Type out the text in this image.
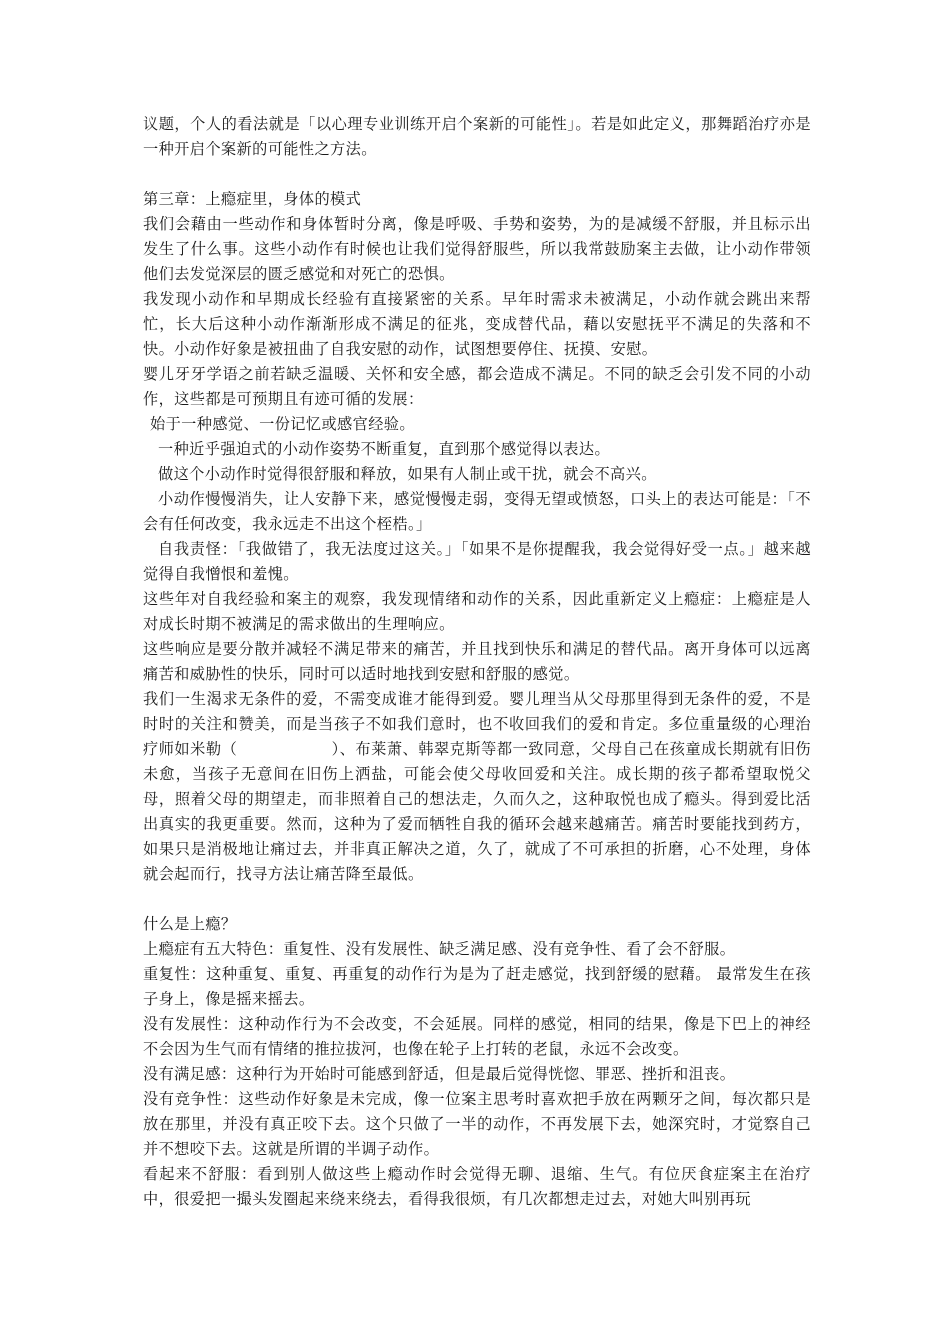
议题，个人的看法就是「以心理专业训练开启个案新的可能性」。若是如此定义，那舞蹈治疗亦是一种开启个案新的可能性之方法。

第三章：上瘾症里，身体的模式

我们会藉由一些动作和身体暂时分离，像是呼吸、手势和姿势，为的是减缓不舒服，并且标示出发生了什么事。这些小动作有时候也让我们觉得舒服些，所以我常鼓励案主去做，让小动作带领他们去发觉深层的匮乏感觉和对死亡的恐惧。

我发现小动作和早期成长经验有直接紧密的关系。早年时需求未被满足，小动作就会跳出来帮忙，长大后这种小动作渐渐形成不满足的征兆，变成替代品，藉以安慰抚平不满足的失落和不快。小动作好象是被扭曲了自我安慰的动作，试图想要停住、抚摸、安慰。

婴儿牙牙学语之前若缺乏温暖、关怀和安全感，都会造成不满足。不同的缺乏会引发不同的小动作，这些都是可预期且有迹可循的发展：

始于一种感觉、一份记忆或感官经验。

一种近乎强迫式的小动作姿势不断重复，直到那个感觉得以表达。

做这个小动作时觉得很舒服和释放，如果有人制止或干扰，就会不高兴。

小动作慢慢消失，让人安静下来，感觉慢慢走弱，变得无望或愤怒，口头上的表达可能是：「不会有任何改变，我永远走不出这个桎梏。」

自我责怪：「我做错了，我无法度过这关。」「如果不是你提醒我，我会觉得好受一点。」越来越觉得自我憎恨和羞愧。

这些年对自我经验和案主的观察，我发现情绪和动作的关系，因此重新定义上瘾症：上瘾症是人对成长时期不被满足的需求做出的生理响应。

这些响应是要分散并减轻不满足带来的痛苦，并且找到快乐和满足的替代品。离开身体可以远离痛苦和威胁性的快乐，同时可以适时地找到安慰和舒服的感觉。

我们一生渴求无条件的爱，不需变成谁才能得到爱。婴儿理当从父母那里得到无条件的爱，不是时时的关注和赞美，而是当孩子不如我们意时，也不收回我们的爱和肯定。多位重量级的心理治疗师如米勒（　　　　　　）、布莱萧、韩翠克斯等都一致同意，父母自己在孩童成长期就有旧伤未愈，当孩子无意间在旧伤上洒盐，可能会使父母收回爱和关注。成长期的孩子都希望取悦父母，照着父母的期望走，而非照着自己的想法走，久而久之，这种取悦也成了瘾头。得到爱比活出真实的我更重要。然而，这种为了爱而牺牲自我的循环会越来越痛苦。痛苦时要能找到药方，如果只是消极地让痛过去，并非真正解决之道，久了，就成了不可承担的折磨，心不处理，身体就会起而行，找寻方法让痛苦降至最低。

什么是上瘾？

上瘾症有五大特色：重复性、没有发展性、缺乏满足感、没有竞争性、看了会不舒服。

重复性：这种重复、重复、再重复的动作行为是为了赶走感觉，找到舒缓的慰藉。 最常发生在孩子身上，像是摇来摇去。

没有发展性：这种动作行为不会改变，不会延展。同样的感觉，相同的结果，像是下巴上的神经不会因为生气而有情绪的推拉拔河，也像在轮子上打转的老鼠，永远不会改变。

没有满足感：这种行为开始时可能感到舒适，但是最后觉得恍惚、罪恶、挫折和沮丧。

没有竞争性：这些动作好象是未完成，像一位案主思考时喜欢把手放在两颗牙之间，每次都只是放在那里，并没有真正咬下去。这个只做了一半的动作，不再发展下去，她深究时，才觉察自己并不想咬下去。这就是所谓的半调子动作。

看起来不舒服：看到别人做这些上瘾动作时会觉得无聊、退缩、生气。有位厌食症案主在治疗中，很爱把一撮头发圈起来绕来绕去，看得我很烦，有几次都想走过去，对她大叫别再玩
